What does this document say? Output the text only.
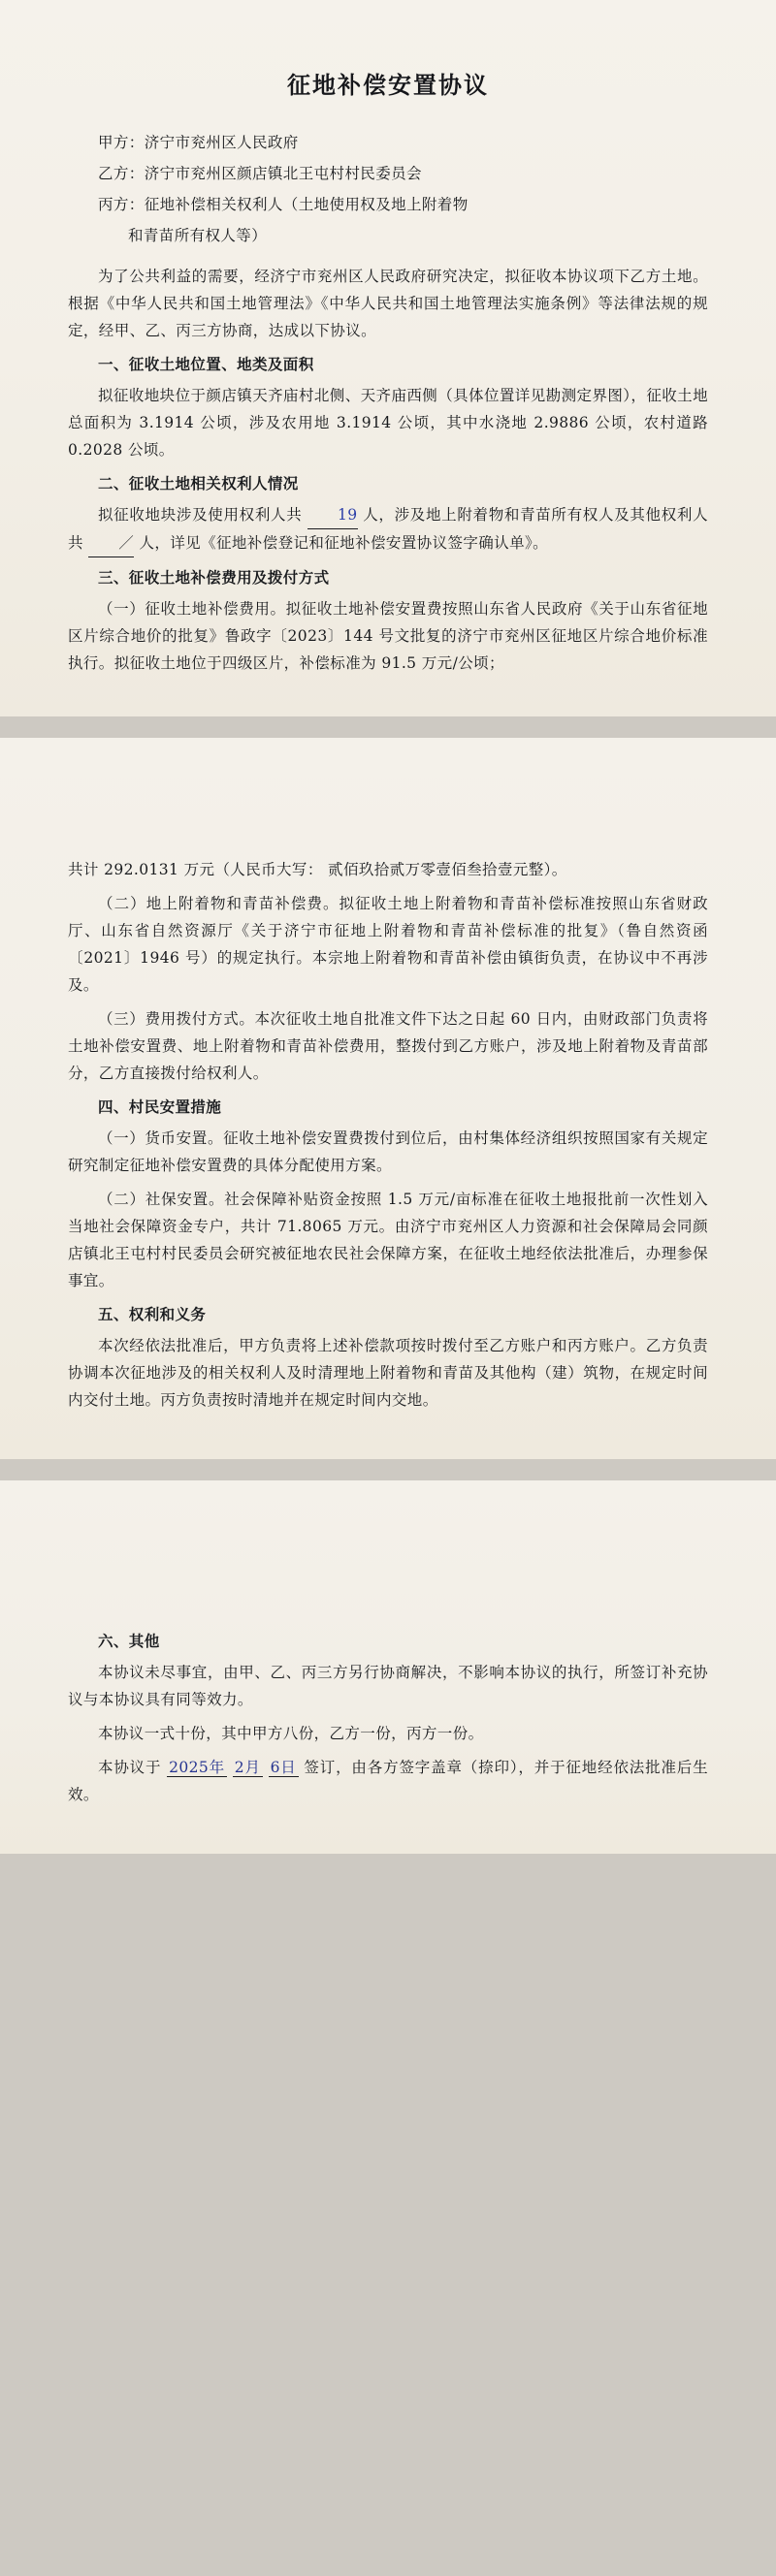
征地补偿安置协议

甲方：济宁市兖州区人民政府

乙方：济宁市兖州区颜店镇北王屯村村民委员会

丙方：征地补偿相关权利人（土地使用权及地上附着物

和青苗所有权人等）

为了公共利益的需要，经济宁市兖州区人民政府研究决定，拟征收本协议项下乙方土地。根据《中华人民共和国土地管理法》《中华人民共和国土地管理法实施条例》等法律法规的规定，经甲、乙、丙三方协商，达成以下协议。

一、征收土地位置、地类及面积

拟征收地块位于颜店镇天齐庙村北侧、天齐庙西侧（具体位置详见勘测定界图），征收土地总面积为 3.1914 公顷，涉及农用地 3.1914 公顷，其中水浇地 2.9886 公顷，农村道路 0.2028 公顷。

二、征收土地相关权利人情况

拟征收地块涉及使用权利人共 19 人，涉及地上附着物和青苗所有权人及其他权利人共 ／ 人，详见《征地补偿登记和征地补偿安置协议签字确认单》。

三、征收土地补偿费用及拨付方式

（一）征收土地补偿费用。拟征收土地补偿安置费按照山东省人民政府《关于山东省征地区片综合地价的批复》鲁政字〔2023〕144 号文批复的济宁市兖州区征地区片综合地价标准执行。拟征收土地位于四级区片，补偿标准为 91.5 万元/公顷；

共计 292.0131 万元（人民币大写： 贰佰玖拾贰万零壹佰叁拾壹元整）。

（二）地上附着物和青苗补偿费。拟征收土地上附着物和青苗补偿标准按照山东省财政厅、山东省自然资源厅《关于济宁市征地上附着物和青苗补偿标准的批复》（鲁自然资函〔2021〕1946 号）的规定执行。本宗地上附着物和青苗补偿由镇街负责，在协议中不再涉及。

（三）费用拨付方式。本次征收土地自批准文件下达之日起 60 日内，由财政部门负责将土地补偿安置费、地上附着物和青苗补偿费用，整拨付到乙方账户，涉及地上附着物及青苗部分，乙方直接拨付给权利人。

四、村民安置措施

（一）货币安置。征收土地补偿安置费拨付到位后，由村集体经济组织按照国家有关规定研究制定征地补偿安置费的具体分配使用方案。

（二）社保安置。社会保障补贴资金按照 1.5 万元/亩标准在征收土地报批前一次性划入当地社会保障资金专户，共计 71.8065 万元。由济宁市兖州区人力资源和社会保障局会同颜店镇北王屯村村民委员会研究被征地农民社会保障方案，在征收土地经依法批准后，办理参保事宜。

五、权利和义务

本次经依法批准后，甲方负责将上述补偿款项按时拨付至乙方账户和丙方账户。乙方负责协调本次征地涉及的相关权利人及时清理地上附着物和青苗及其他构（建）筑物，在规定时间内交付土地。丙方负责按时清地并在规定时间内交地。

六、其他

本协议未尽事宜，由甲、乙、丙三方另行协商解决，不影响本协议的执行，所签订补充协议与本协议具有同等效力。

本协议一式十份，其中甲方八份，乙方一份，丙方一份。

本协议于 2025年 2月 6日 签订，由各方签字盖章（捺印），并于征地经依法批准后生效。
